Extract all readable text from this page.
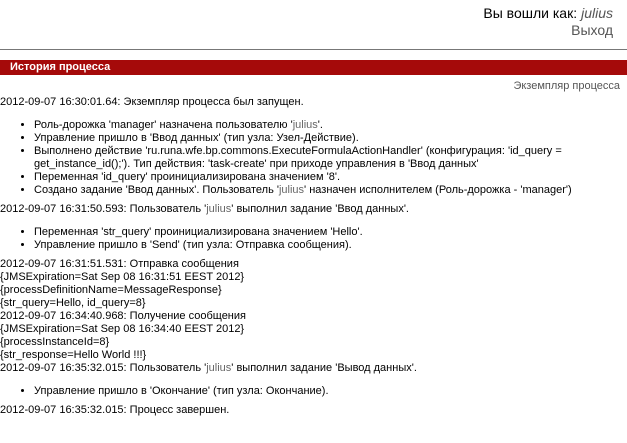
Вы вошли как: julius
Выход
История процесса
Экземпляр процесса

2012-09-07 16:30:01.64: Экземпляр процесса был запущен.

• Роль-дорожка 'manager' назначена пользователю 'julius'.
• Управление пришло в 'Ввод данных' (тип узла: Узел-Действие).
• Выполнено действие 'ru.runa.wfe.bp.commons.ExecuteFormulaActionHandler' (конфигурация: 'id_query =
get_instance_id();'). Тип действия: 'task-create' при приходе управления в 'Ввод данных'
• Переменная 'id_query' проинициализирована значением '8'.
• Создано задание 'Ввод данных'. Пользователь 'julius' назначен исполнителем (Роль-дорожка - 'manager')

2012-09-07 16:31:50.593: Пользователь 'julius' выполнил задание 'Ввод данных'.

• Переменная 'str_query' проинициализирована значением 'Hello'.
• Управление пришло в 'Send' (тип узла: Отправка сообщения).

2012-09-07 16:31:51.531: Отправка сообщения

{JMSExpiration=Sat Sep 08 16:31:51 EEST 2012}

{processDefinitionName=MessageResponse}

{str_query=Hello, id_query=8}

2012-09-07 16:34:40.968: Получение сообщения

{JMSExpiration=Sat Sep 08 16:34:40 EEST 2012}

{processInstanceId=8}

{str_response=Hello World !!!}

2012-09-07 16:35:32.015: Пользователь 'julius' выполнил задание 'Вывод данных'.

• Управление пришло в 'Окончание' (тип узла: Окончание).

2012-09-07 16:35:32.015: Процесс завершен.
